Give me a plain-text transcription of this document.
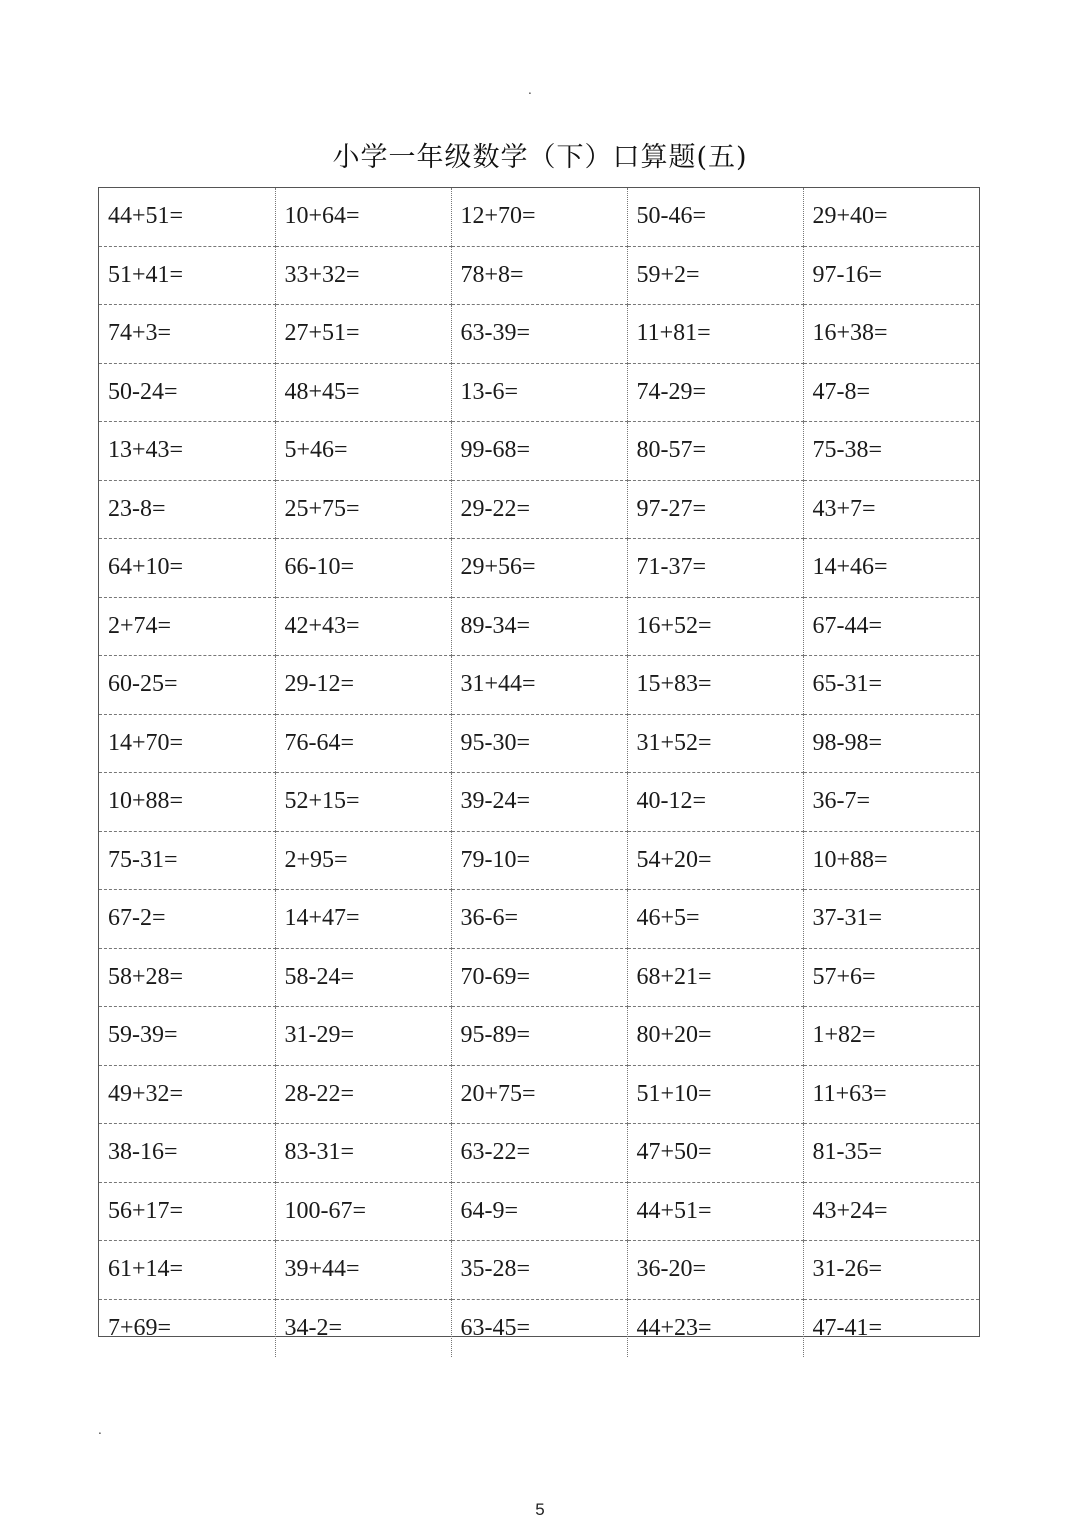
.
小学一年级数学（下）口算题(五)
44+51=	10+64=	12+70=	50-46=	29+40=
51+41=	33+32=	78+8=	59+2=	97-16=
74+3=	27+51=	63-39=	11+81=	16+38=
50-24=	48+45=	13-6=	74-29=	47-8=
13+43=	5+46=	99-68=	80-57=	75-38=
23-8=	25+75=	29-22=	97-27=	43+7=
64+10=	66-10=	29+56=	71-37=	14+46=
2+74=	42+43=	89-34=	16+52=	67-44=
60-25=	29-12=	31+44=	15+83=	65-31=
14+70=	76-64=	95-30=	31+52=	98-98=
10+88=	52+15=	39-24=	40-12=	36-7=
75-31=	2+95=	79-10=	54+20=	10+88=
67-2=	14+47=	36-6=	46+5=	37-31=
58+28=	58-24=	70-69=	68+21=	57+6=
59-39=	31-29=	95-89=	80+20=	1+82=
49+32=	28-22=	20+75=	51+10=	11+63=
38-16=	83-31=	63-22=	47+50=	81-35=
56+17=	100-67=	64-9=	44+51=	43+24=
61+14=	39+44=	35-28=	36-20=	31-26=
7+69=	34-2=	63-45=	44+23=	47-41=
.
5
